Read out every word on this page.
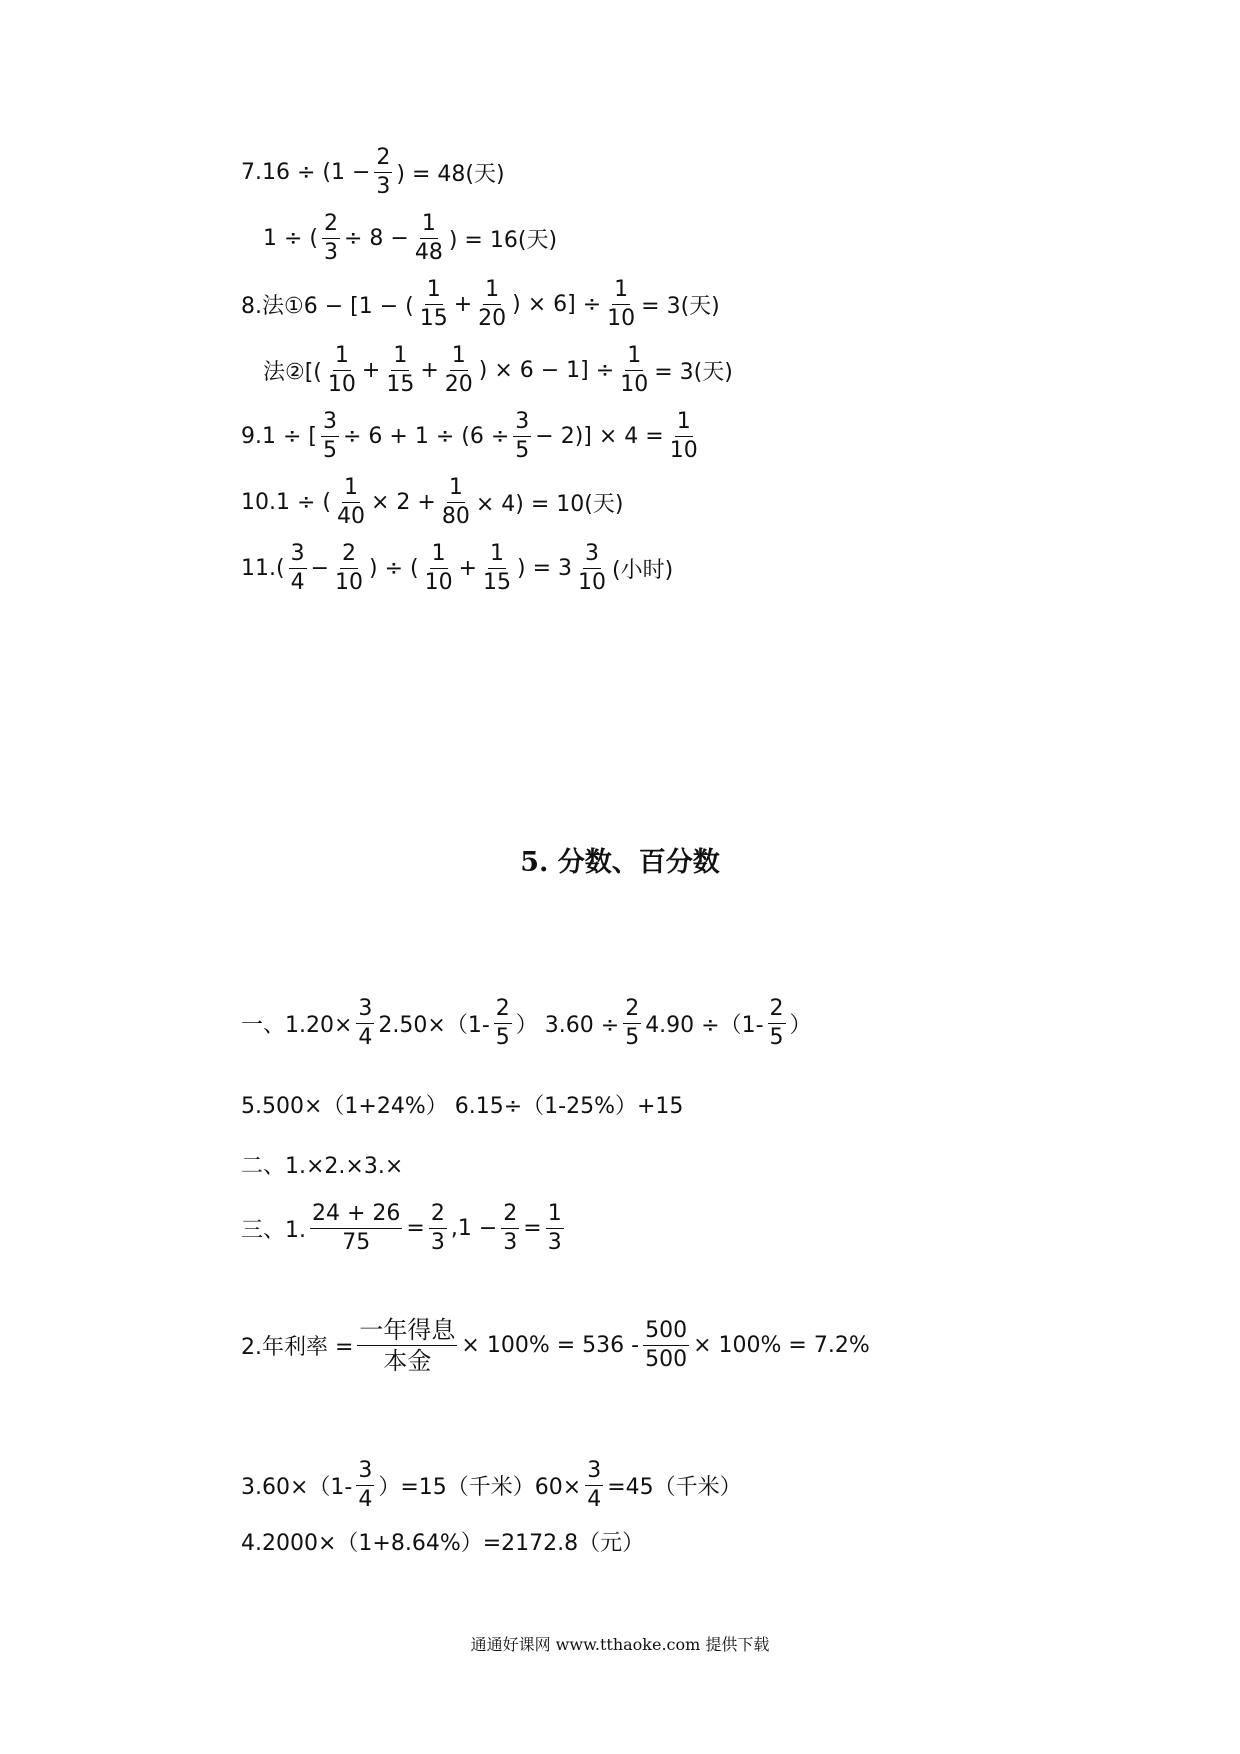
$7.16 \div (1 - \frac{2}{3}$ ) = 48(天)
1 ÷ ( $\frac{2}{3} \div 8 - \frac{1}{48}$ ) = 16(天)
8.法①6 − [1 − ( $\frac{1}{15} + \frac{1}{20}$ ) × $6] \div \frac{1}{10} = 3$(天)
法②[( $\frac{1}{10} + \frac{1}{15} + \frac{1}{20}$ ) × $6 - 1] \div \frac{1}{10} = 3$(天)
9.1 ÷ [ $\frac{3}{5} \div 6 + 1 \div (6 \div \frac{3}{5} - 2)] \times 4 = \frac{1}{10}$
10.1 ÷ ( $\frac{1}{40} \times 2 + \frac{1}{80} \times 4) = 10$(天)
$11.( \frac{3}{4} - \frac{2}{10}$ ) ÷ ( $\frac{1}{10} + \frac{1}{15}$ ) = $3 \frac{3}{10}$ (小时)
5. 分数、百分数
一、$1.20\times \frac{3}{4} 2.50\times(1- \frac{2}{5}$ ） $3.60 \div \frac{2}{5} 4.90 \div(1- \frac{2}{5}$ ）
5.500×（1+24%） 6.15÷（1-25%）+15
二、1.×2.×3.×
三、1. $\frac{24 + 26}{75} = \frac{2}{3} ,1 - \frac{2}{3} = \frac{1}{3}$
2.年利率 = $\frac{\text{一年得息}}{\text{本金}} \times 100\% = 536 - \frac{500}{500} \times 100\% = 7.2\%$
$3.60\times(1- \frac{3}{4} )=15$（千米）$60\times \frac{3}{4} =45$（千米）
4.2000×（1+8.64%）=2172.8（元）
通通好课网 www.tthaoke.com 提供下载
